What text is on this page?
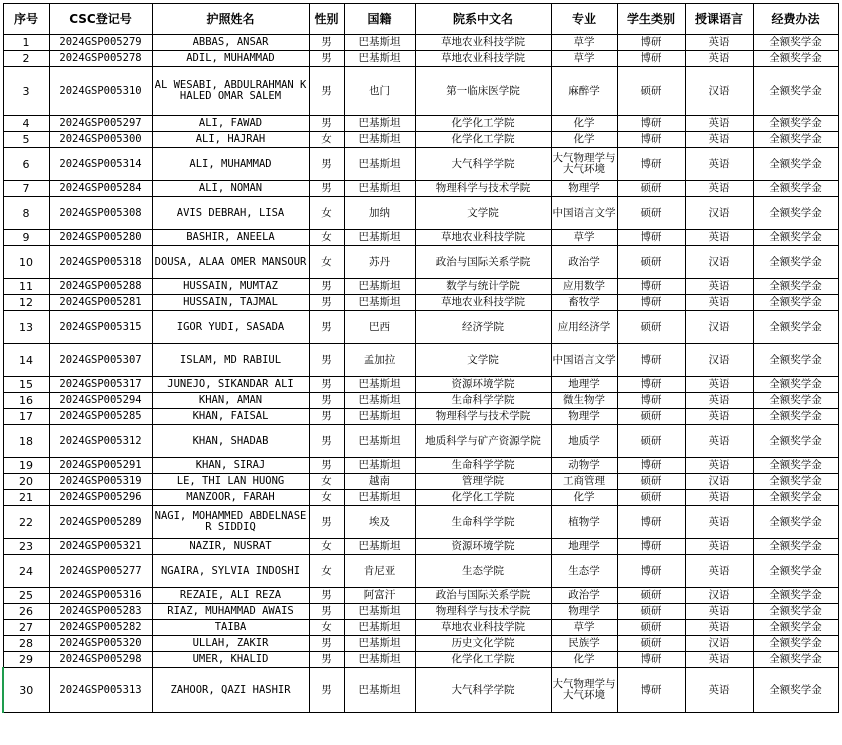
序号	CSC登记号	护照姓名	性别	国籍	院系中文名	专业	学生类别	授课语言	经费办法
1	2024GSP005279	ABBAS, ANSAR	男	巴基斯坦	草地农业科技学院	草学	博研	英语	全额奖学金
2	2024GSP005278	ADIL, MUHAMMAD	男	巴基斯坦	草地农业科技学院	草学	博研	英语	全额奖学金
3	2024GSP005310	AL WESABI, ABDULRAHMAN KHALED OMAR SALEM	男	也门	第一临床医学院	麻醉学	硕研	汉语	全额奖学金
4	2024GSP005297	ALI, FAWAD	男	巴基斯坦	化学化工学院	化学	博研	英语	全额奖学金
5	2024GSP005300	ALI, HAJRAH	女	巴基斯坦	化学化工学院	化学	博研	英语	全额奖学金
6	2024GSP005314	ALI, MUHAMMAD	男	巴基斯坦	大气科学学院	大气物理学与大气环境	博研	英语	全额奖学金
7	2024GSP005284	ALI, NOMAN	男	巴基斯坦	物理科学与技术学院	物理学	硕研	英语	全额奖学金
8	2024GSP005308	AVIS DEBRAH, LISA	女	加纳	文学院	中国语言文学	硕研	汉语	全额奖学金
9	2024GSP005280	BASHIR, ANEELA	女	巴基斯坦	草地农业科技学院	草学	博研	英语	全额奖学金
10	2024GSP005318	DOUSA, ALAA OMER MANSOUR	女	苏丹	政治与国际关系学院	政治学	硕研	汉语	全额奖学金
11	2024GSP005288	HUSSAIN, MUMTAZ	男	巴基斯坦	数学与统计学院	应用数学	博研	英语	全额奖学金
12	2024GSP005281	HUSSAIN, TAJMAL	男	巴基斯坦	草地农业科技学院	畜牧学	博研	英语	全额奖学金
13	2024GSP005315	IGOR YUDI, SASADA	男	巴西	经济学院	应用经济学	硕研	汉语	全额奖学金
14	2024GSP005307	ISLAM, MD RABIUL	男	孟加拉	文学院	中国语言文学	博研	汉语	全额奖学金
15	2024GSP005317	JUNEJO, SIKANDAR ALI	男	巴基斯坦	资源环境学院	地理学	博研	英语	全额奖学金
16	2024GSP005294	KHAN, AMAN	男	巴基斯坦	生命科学学院	微生物学	博研	英语	全额奖学金
17	2024GSP005285	KHAN, FAISAL	男	巴基斯坦	物理科学与技术学院	物理学	硕研	英语	全额奖学金
18	2024GSP005312	KHAN, SHADAB	男	巴基斯坦	地质科学与矿产资源学院	地质学	硕研	英语	全额奖学金
19	2024GSP005291	KHAN, SIRAJ	男	巴基斯坦	生命科学学院	动物学	博研	英语	全额奖学金
20	2024GSP005319	LE, THI LAN HUONG	女	越南	管理学院	工商管理	硕研	汉语	全额奖学金
21	2024GSP005296	MANZOOR, FARAH	女	巴基斯坦	化学化工学院	化学	硕研	英语	全额奖学金
22	2024GSP005289	NAGI, MOHAMMED ABDELNASER SIDDIQ	男	埃及	生命科学学院	植物学	博研	英语	全额奖学金
23	2024GSP005321	NAZIR, NUSRAT	女	巴基斯坦	资源环境学院	地理学	博研	英语	全额奖学金
24	2024GSP005277	NGAIRA, SYLVIA INDOSHI	女	肯尼亚	生态学院	生态学	博研	英语	全额奖学金
25	2024GSP005316	REZAIE, ALI REZA	男	阿富汗	政治与国际关系学院	政治学	硕研	汉语	全额奖学金
26	2024GSP005283	RIAZ, MUHAMMAD AWAIS	男	巴基斯坦	物理科学与技术学院	物理学	硕研	英语	全额奖学金
27	2024GSP005282	TAIBA	女	巴基斯坦	草地农业科技学院	草学	硕研	英语	全额奖学金
28	2024GSP005320	ULLAH, ZAKIR	男	巴基斯坦	历史文化学院	民族学	硕研	汉语	全额奖学金
29	2024GSP005298	UMER, KHALID	男	巴基斯坦	化学化工学院	化学	博研	英语	全额奖学金
30	2024GSP005313	ZAHOOR, QAZI HASHIR	男	巴基斯坦	大气科学学院	大气物理学与大气环境	博研	英语	全额奖学金
